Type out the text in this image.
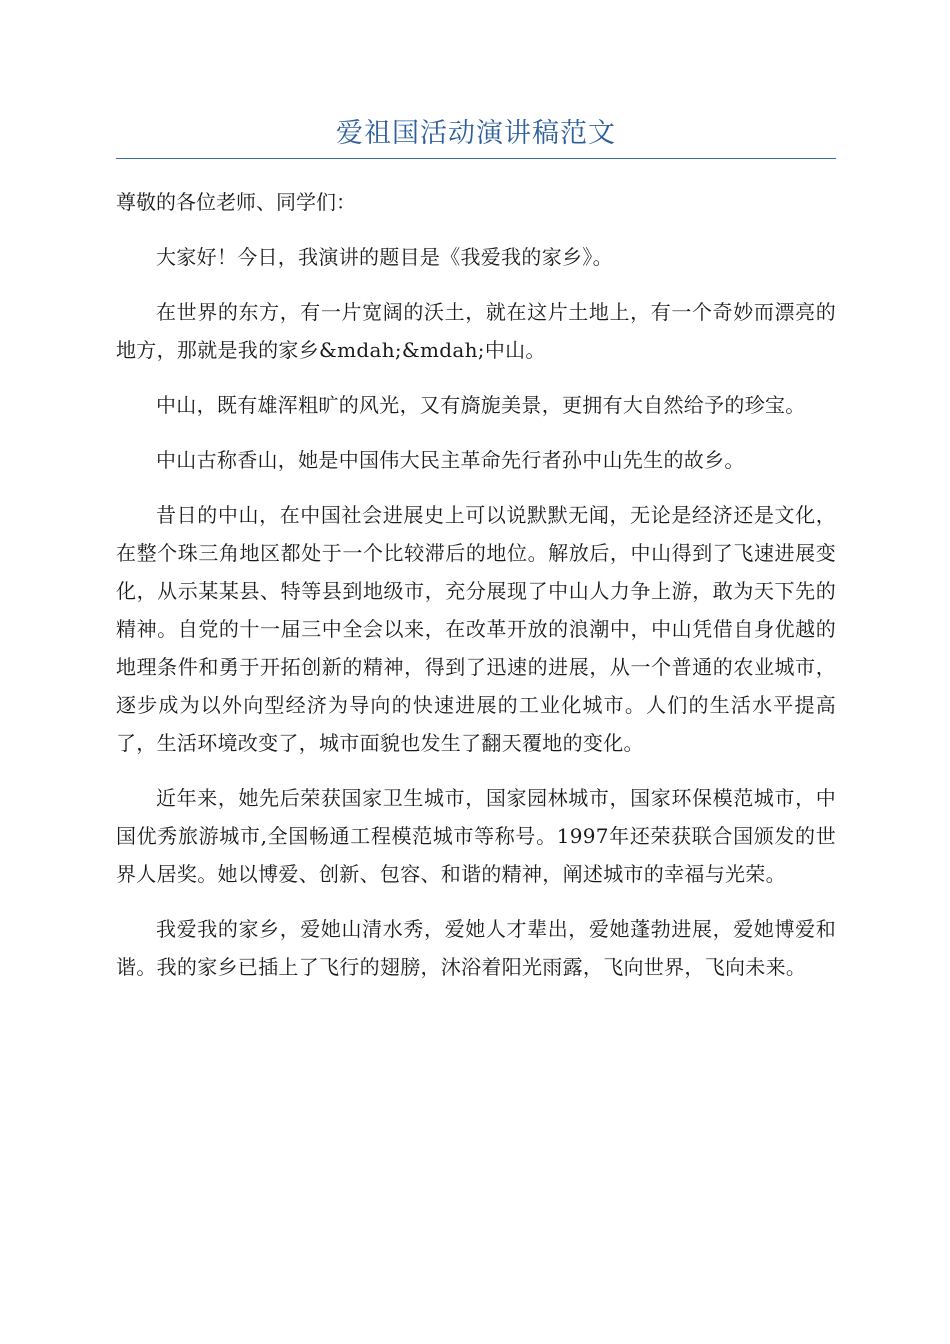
爱祖国活动演讲稿范文

尊敬的各位老师、同学们：

大家好！今日，我演讲的题目是《我爱我的家乡》。

在世界的东方，有一片宽阔的沃土，就在这片土地上，有一个奇妙而漂亮的地方，那就是我的家乡&mdah;&mdah;中山。

中山，既有雄浑粗旷的风光，又有旖旎美景，更拥有大自然给予的珍宝。

中山古称香山，她是中国伟大民主革命先行者孙中山先生的故乡。

昔日的中山，在中国社会进展史上可以说默默无闻，无论是经济还是文化，在整个珠三角地区都处于一个比较滞后的地位。解放后，中山得到了飞速进展变化，从示某某县、特等县到地级市，充分展现了中山人力争上游，敢为天下先的精神。自党的十一届三中全会以来，在改革开放的浪潮中，中山凭借自身优越的地理条件和勇于开拓创新的精神，得到了迅速的进展，从一个普通的农业城市，逐步成为以外向型经济为导向的快速进展的工业化城市。人们的生活水平提高了，生活环境改变了，城市面貌也发生了翻天覆地的变化。

近年来，她先后荣获国家卫生城市，国家园林城市，国家环保模范城市，中国优秀旅游城市,全国畅通工程模范城市等称号。1997年还荣获联合国颁发的世界人居奖。她以博爱、创新、包容、和谐的精神，阐述城市的幸福与光荣。

我爱我的家乡，爱她山清水秀，爱她人才辈出，爱她蓬勃进展，爱她博爱和谐。我的家乡已插上了飞行的翅膀，沐浴着阳光雨露，飞向世界，飞向未来。
